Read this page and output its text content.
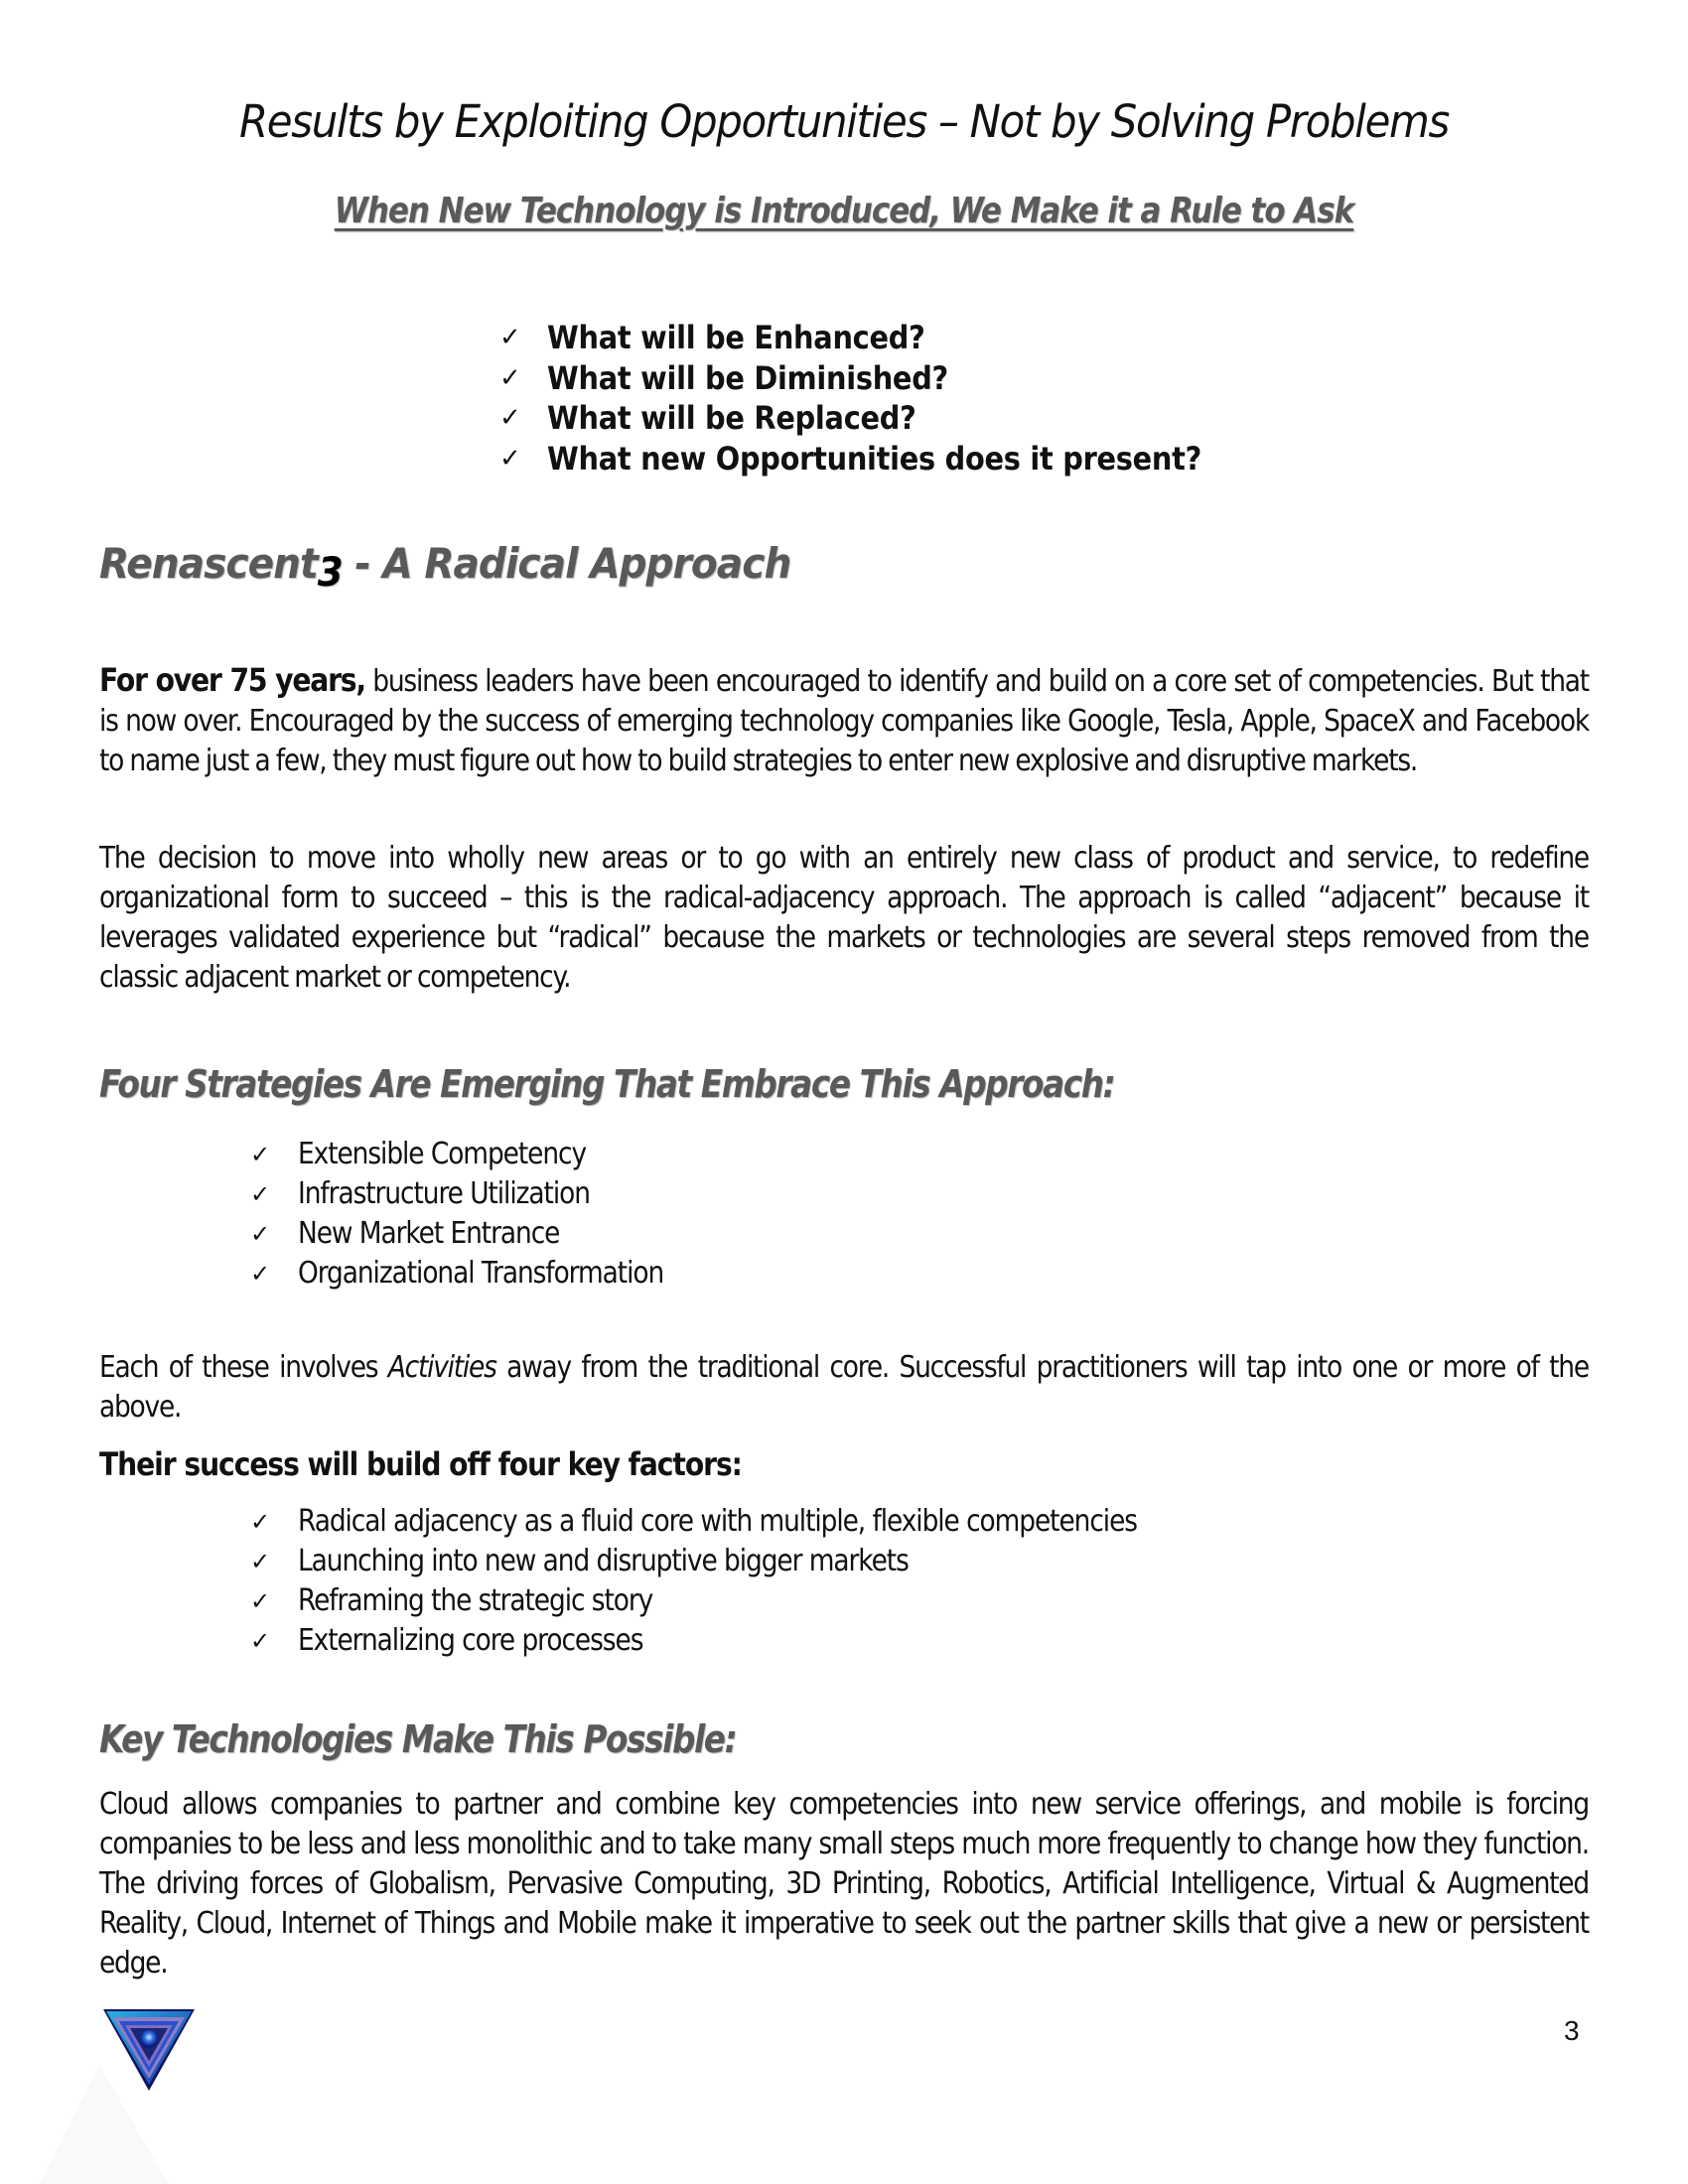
Results by Exploiting Opportunities – Not by Solving Problems
When New Technology is Introduced, We Make it a Rule to Ask
✓ What will be Enhanced?
✓ What will be Diminished?
✓ What will be Replaced?
✓ What new Opportunities does it present?
Renascent3 - A Radical Approach

For over 75 years, business leaders have been encouraged to identify and build on a core set of competencies. But that is now over. Encouraged by the success of emerging technology companies like Google, Tesla, Apple, SpaceX and Facebook to name just a few, they must figure out how to build strategies to enter new explosive and disruptive markets.

The decision to move into wholly new areas or to go with an entirely new class of product and service, to redefine organizational form to succeed – this is the radical-adjacency approach. The approach is called “adjacent” because it leverages validated experience but “radical” because the markets or technologies are several steps removed from the classic adjacent market or competency.

Four Strategies Are Emerging That Embrace This Approach:
✓ Extensible Competency
✓ Infrastructure Utilization
✓ New Market Entrance
✓ Organizational Transformation

Each of these involves Activities away from the traditional core. Successful practitioners will tap into one or more of the above.

Their success will build off four key factors:
✓ Radical adjacency as a fluid core with multiple, flexible competencies
✓ Launching into new and disruptive bigger markets
✓ Reframing the strategic story
✓ Externalizing core processes
Key Technologies Make This Possible:

Cloud allows companies to partner and combine key competencies into new service offerings, and mobile is forcing companies to be less and less monolithic and to take many small steps much more frequently to change how they function. The driving forces of Globalism, Pervasive Computing, 3D Printing, Robotics, Artificial Intelligence, Virtual & Augmented Reality, Cloud, Internet of Things and Mobile make it imperative to seek out the partner skills that give a new or persistent edge.

3
